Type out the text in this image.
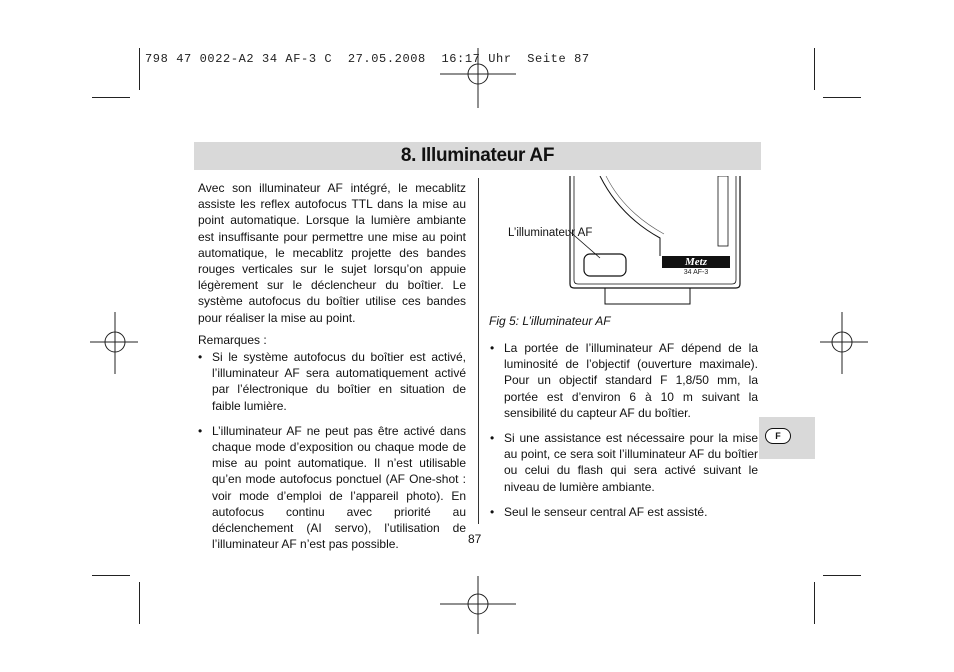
798 47 0022-A2 34 AF-3 C  27.05.2008  16:17 Uhr  Seite 87
8. Illuminateur AF

Avec son illuminateur AF intégré, le mecablitz assiste les reflex autofocus TTL dans la mise au point automatique. Lorsque la lumière ambiante est insuffisante pour permettre une mise au point automatique, le mecablitz projette des bandes rouges verticales sur le sujet lorsqu’on appuie légèrement sur le déclencheur du boîtier. Le système autofocus du boîtier utilise ces bandes pour réaliser la mise au point.

Remarques :

• Si le système autofocus du boîtier est activé, l’illuminateur AF sera automatiquement activé par l’électronique du boîtier en situation de faible lumière.
• L’illuminateur AF ne peut pas être activé dans chaque mode d’exposition ou chaque mode de mise au point automatique. Il n’est utilisable qu’en mode autofocus ponctuel (AF One-shot : voir mode d’emploi de l’appareil photo). En autofocus continu avec priorité au déclenchement (AI servo), l’utilisation de l’illuminateur AF n’est pas possible.
Metz
34 AF-3
L’illuminateur AF
Fig 5: L’illuminateur AF
• La portée de l’illuminateur AF dépend de la luminosité de l’objectif (ouverture maximale). Pour un objectif standard F 1,8/50 mm, la portée est d’environ 6 à 10 m suivant la sensibilité du capteur AF du boîtier.
• Si une assistance est nécessaire pour la mise au point, ce sera soit l’illuminateur AF du boîtier ou celui du flash qui sera activé suivant le niveau de lumière ambiante.
• Seul le senseur central AF est assisté.
F
87
